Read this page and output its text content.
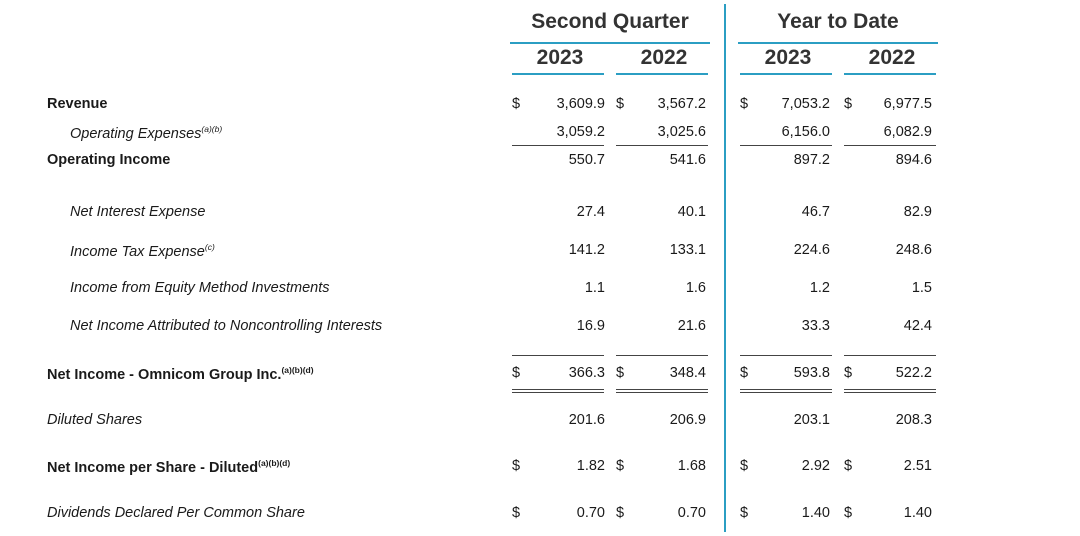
Second Quarter	Year to Date
2023	2022	2023	2022
Revenue	$	3,609.9 $	3,567.2 $	7,053.2 $	6,977.5
Operating Expenses$^{(a)(b)}$	3,059.2	3,025.6	6,156.0	6,082.9
Operating Income	550.7	541.6	897.2	894.6
Net Interest Expense	27.4	40.1	46.7	82.9
Income Tax Expense$^{(c)}$	141.2	133.1	224.6	248.6
Income from Equity Method Investments	1.1	1.6	1.2	1.5
Net Income Attributed to Noncontrolling Interests	16.9	21.6	33.3	42.4
Net Income - Omnicom Group Inc.$^{(a)(b)(d)}$	$	366.3 $	348.4 $	593.8 $	522.2
Diluted Shares	201.6	206.9	203.1	208.3
Net Income per Share - Diluted$^{(a)(b)(d)}$	$	1.82 $	1.68 $	2.92 $	2.51
Dividends Declared Per Common Share	$	0.70 $	0.70 $	1.40 $	1.40
